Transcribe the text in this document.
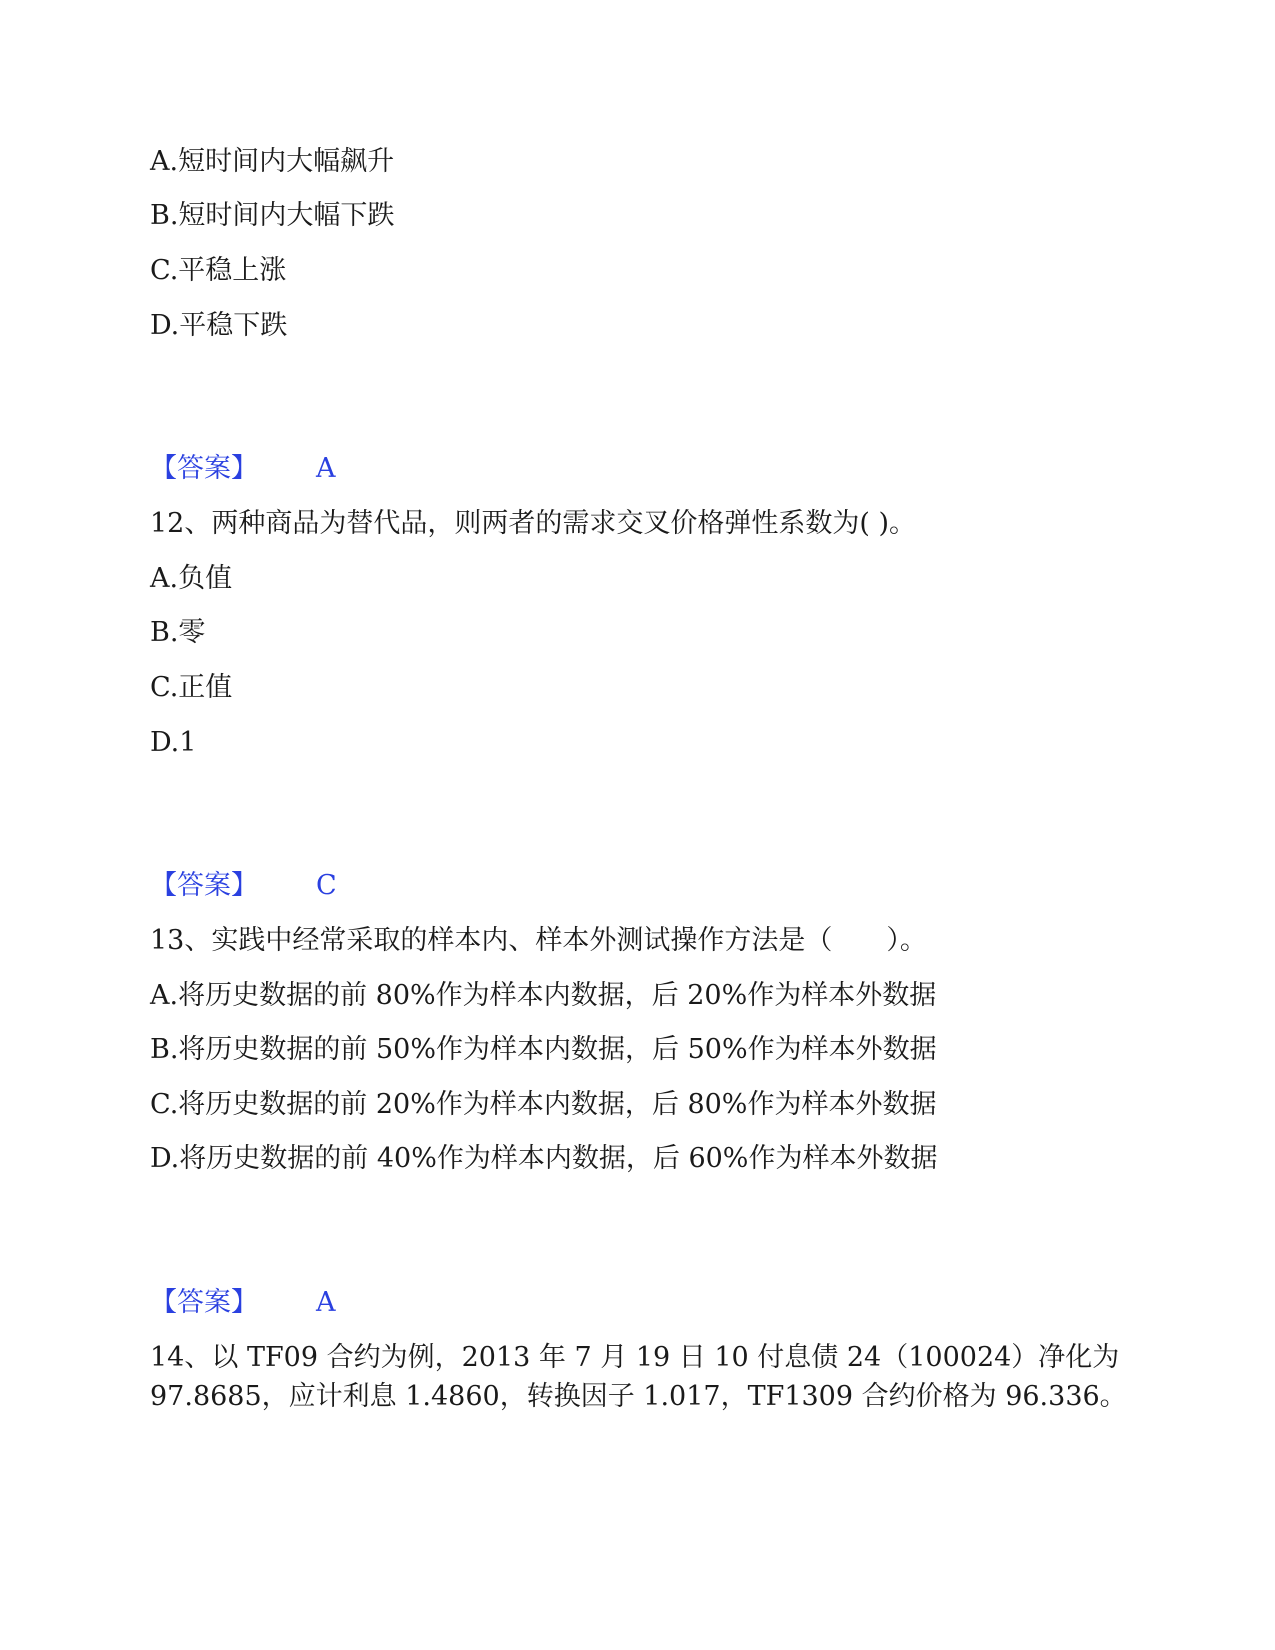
A.短时间内大幅飙升
B.短时间内大幅下跌
C.平稳上涨
D.平稳下跌
【答案】 A
12、两种商品为替代品，则两者的需求交叉价格弹性系数为( )。
A.负值
B.零
C.正值
D.1
【答案】 C
13、实践中经常采取的样本内、样本外测试操作方法是（　　）。
A.将历史数据的前 80%作为样本内数据，后 20%作为样本外数据
B.将历史数据的前 50%作为样本内数据，后 50%作为样本外数据
C.将历史数据的前 20%作为样本内数据，后 80%作为样本外数据
D.将历史数据的前 40%作为样本内数据，后 60%作为样本外数据
【答案】 A
14、以 TF09 合约为例，2013 年 7 月 19 日 10 付息债 24（100024）净化为
97.8685，应计利息 1.4860，转换因子 1.017，TF1309 合约价格为 96.336。
